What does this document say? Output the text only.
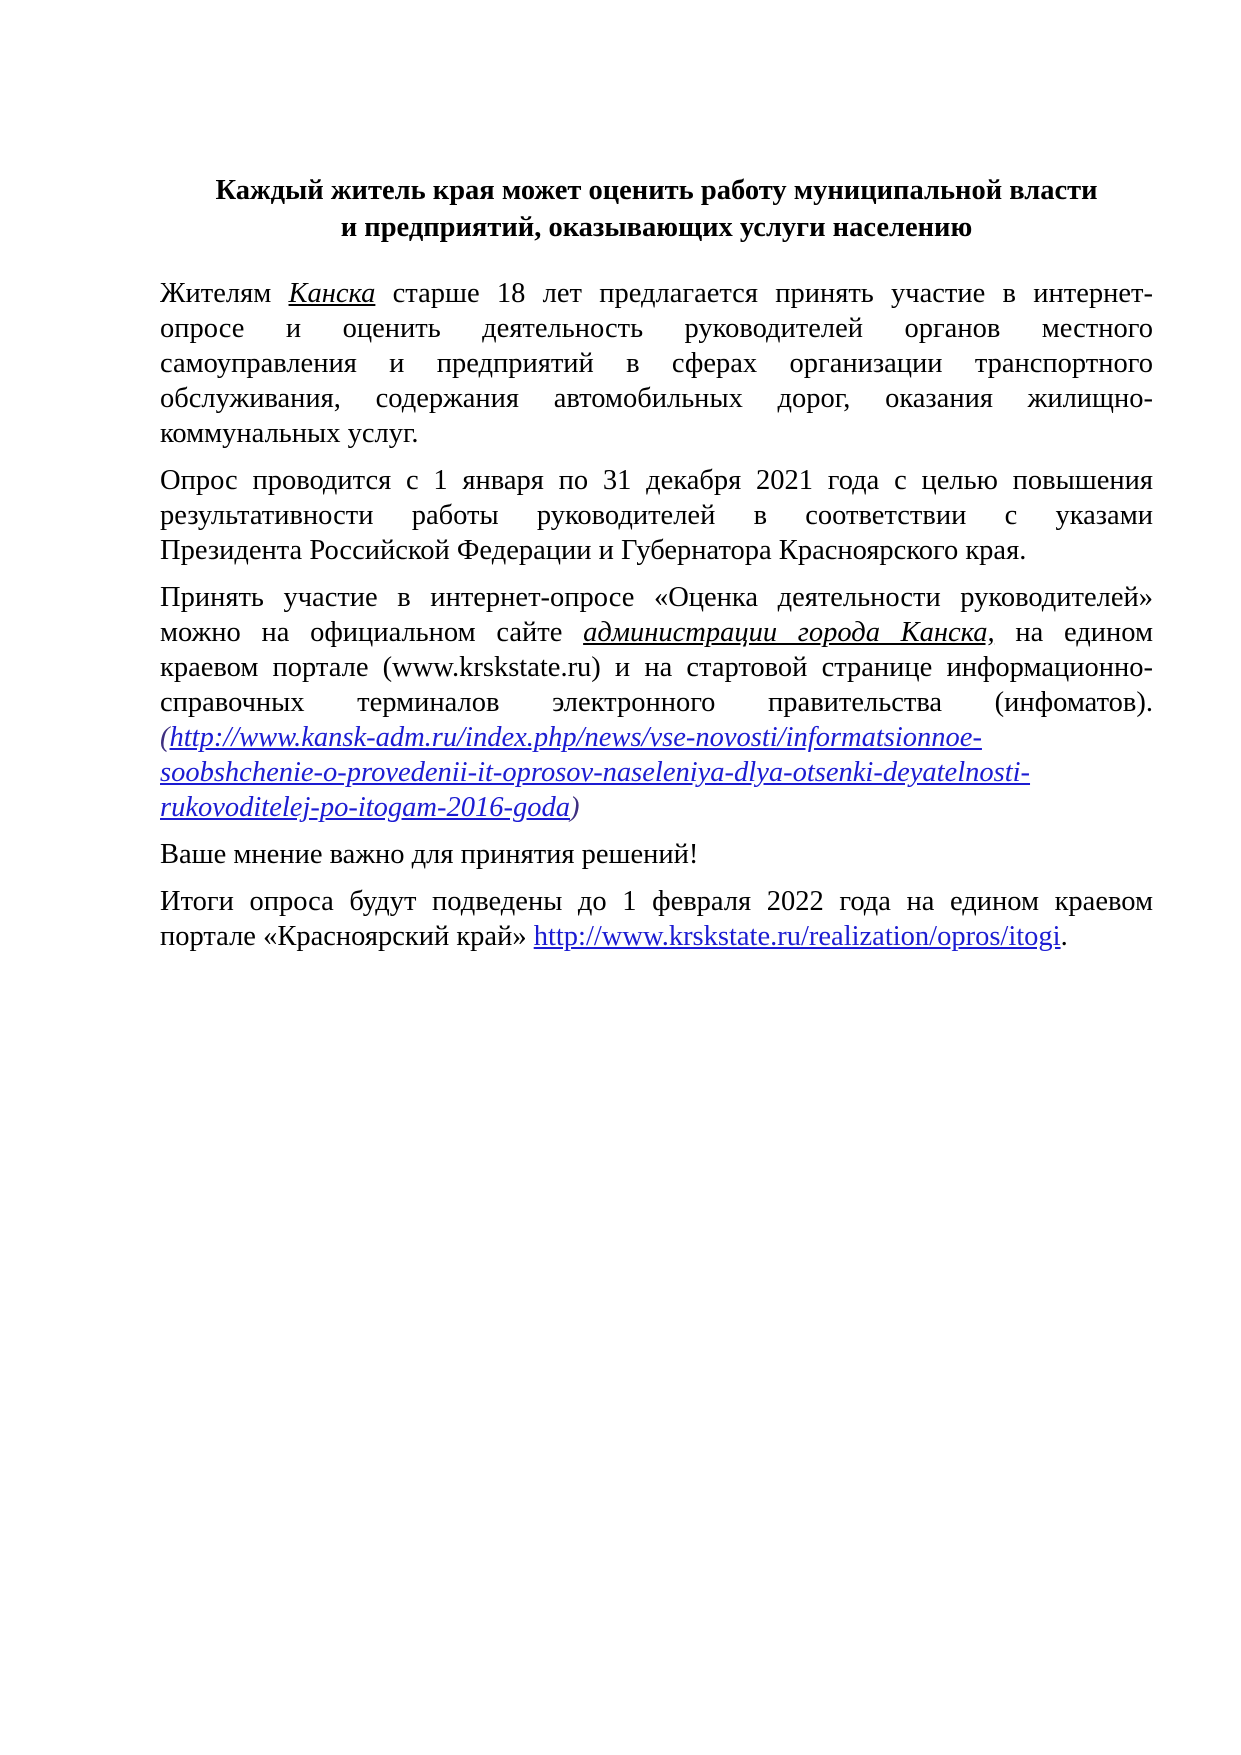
Каждый житель края может оценить работу муниципальной власти
и предприятий, оказывающих услуги населению
Жителям Канска старше 18 лет предлагается принять участие в интернет-
опросе и оценить деятельность руководителей органов местного
самоуправления и предприятий в сферах организации транспортного
обслуживания, содержания автомобильных дорог, оказания жилищно-
коммунальных услуг.
Опрос проводится с 1 января по 31 декабря 2021 года с целью повышения
результативности работы руководителей в соответствии с указами
Президента Российской Федерации и Губернатора Красноярского края.
Принять участие в интернет-опросе «Оценка деятельности руководителей»
можно на официальном сайте администрации города Канска, на едином
краевом портале (www.krskstate.ru) и на стартовой странице информационно-
справочных терминалов электронного правительства (инфоматов).
(http://www.kansk-adm.ru/index.php/news/vse-novosti/informatsionnoe-
soobshchenie-o-provedenii-it-oprosov-naseleniya-dlya-otsenki-deyatelnosti-
rukovoditelej-po-itogam-2016-goda)
Ваше мнение важно для принятия решений!
Итоги опроса будут подведены до 1 февраля 2022 года на едином краевом
портале «Красноярский край» http://www.krskstate.ru/realization/opros/itogi.
